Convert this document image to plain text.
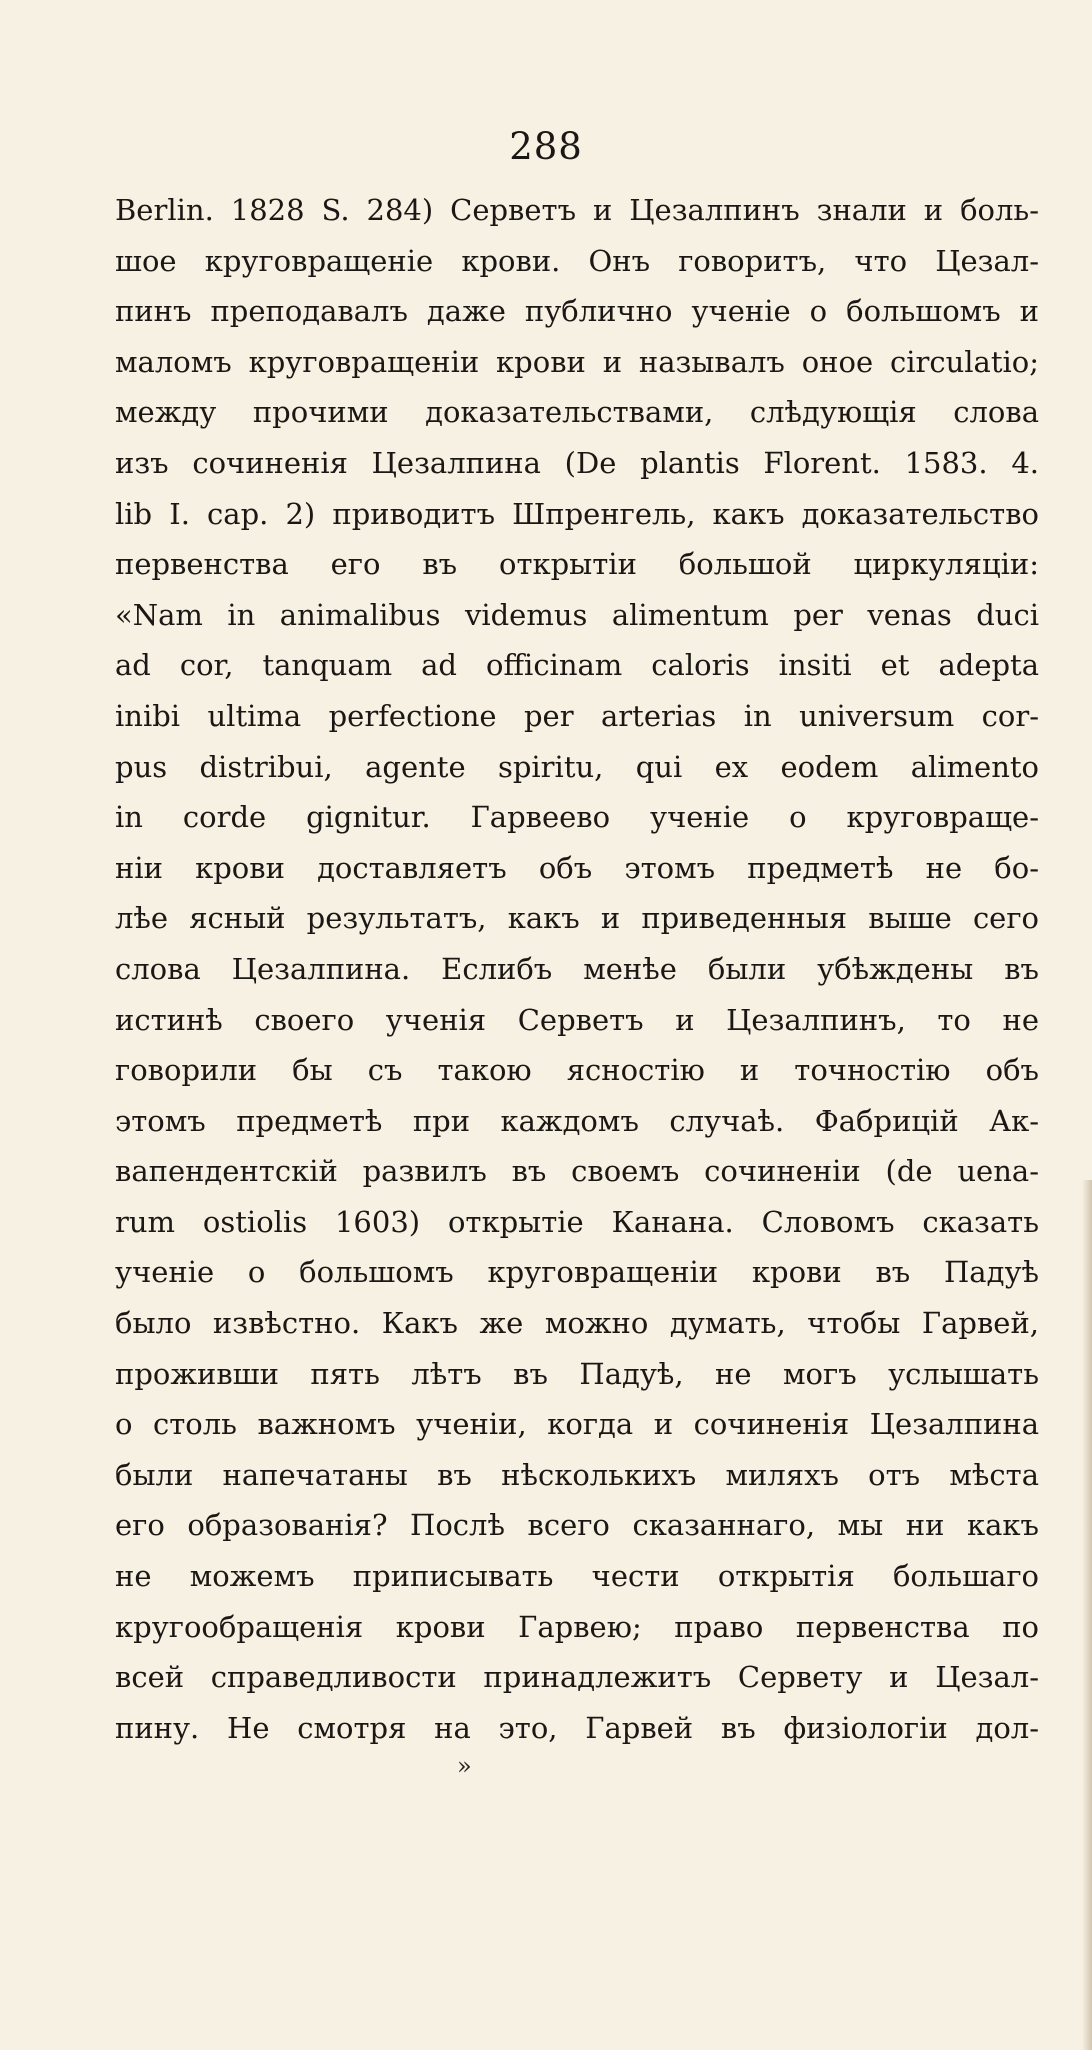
288
Berlin. 1828 S. 284) Серветъ и Цезалпинъ знали и боль-
шое круговращеніе крови. Онъ говоритъ, что Цезал-
пинъ преподавалъ даже публично ученіе о большомъ и
маломъ круговращеніи крови и называлъ оное circulatio;
между прочими доказательствами, слѣдующія слова
изъ сочиненія Цезалпина (De plantis Florent. 1583. 4.
lib I. cap. 2) приводитъ Шпренгель, какъ доказательство
первенства его въ открытіи большой циркуляціи:
«Nam in animalibus videmus alimentum per venas duci
ad cor, tanquam ad officinam caloris insiti et adepta
inibi ultima perfectione per arterias in universum cor-
pus distribui, agente spiritu, qui ex eodem alimento
in corde gignitur. Гарвеево ученіе о круговраще-
ніи крови доставляетъ объ этомъ предметѣ не бо-
лѣе ясный результатъ, какъ и приведенныя выше сего
слова Цезалпина. Еслибъ менѣе были убѣждены въ
истинѣ своего ученія Серветъ и Цезалпинъ, то не
говорили бы съ такою ясностію и точностію объ
этомъ предметѣ при каждомъ случаѣ. Фабрицій Ак-
вапендентскій развилъ въ своемъ сочиненіи (de uena-
rum ostiolis 1603) открытіе Канана. Словомъ сказать
ученіе о большомъ круговращеніи крови въ Падуѣ
было извѣстно. Какъ же можно думать, чтобы Гарвей,
проживши пять лѣтъ въ Падуѣ, не могъ услышать
о столь важномъ ученіи, когда и сочиненія Цезалпина
были напечатаны въ нѣсколькихъ миляхъ отъ мѣста
его образованія? Послѣ всего сказаннаго, мы ни какъ
не можемъ приписывать чести открытія большаго
кругообращенія крови Гарвею; право первенства по
всей справедливости принадлежитъ Сервету и Цезал-
пину. Не смотря на это, Гарвей въ физіологіи дол-
»
